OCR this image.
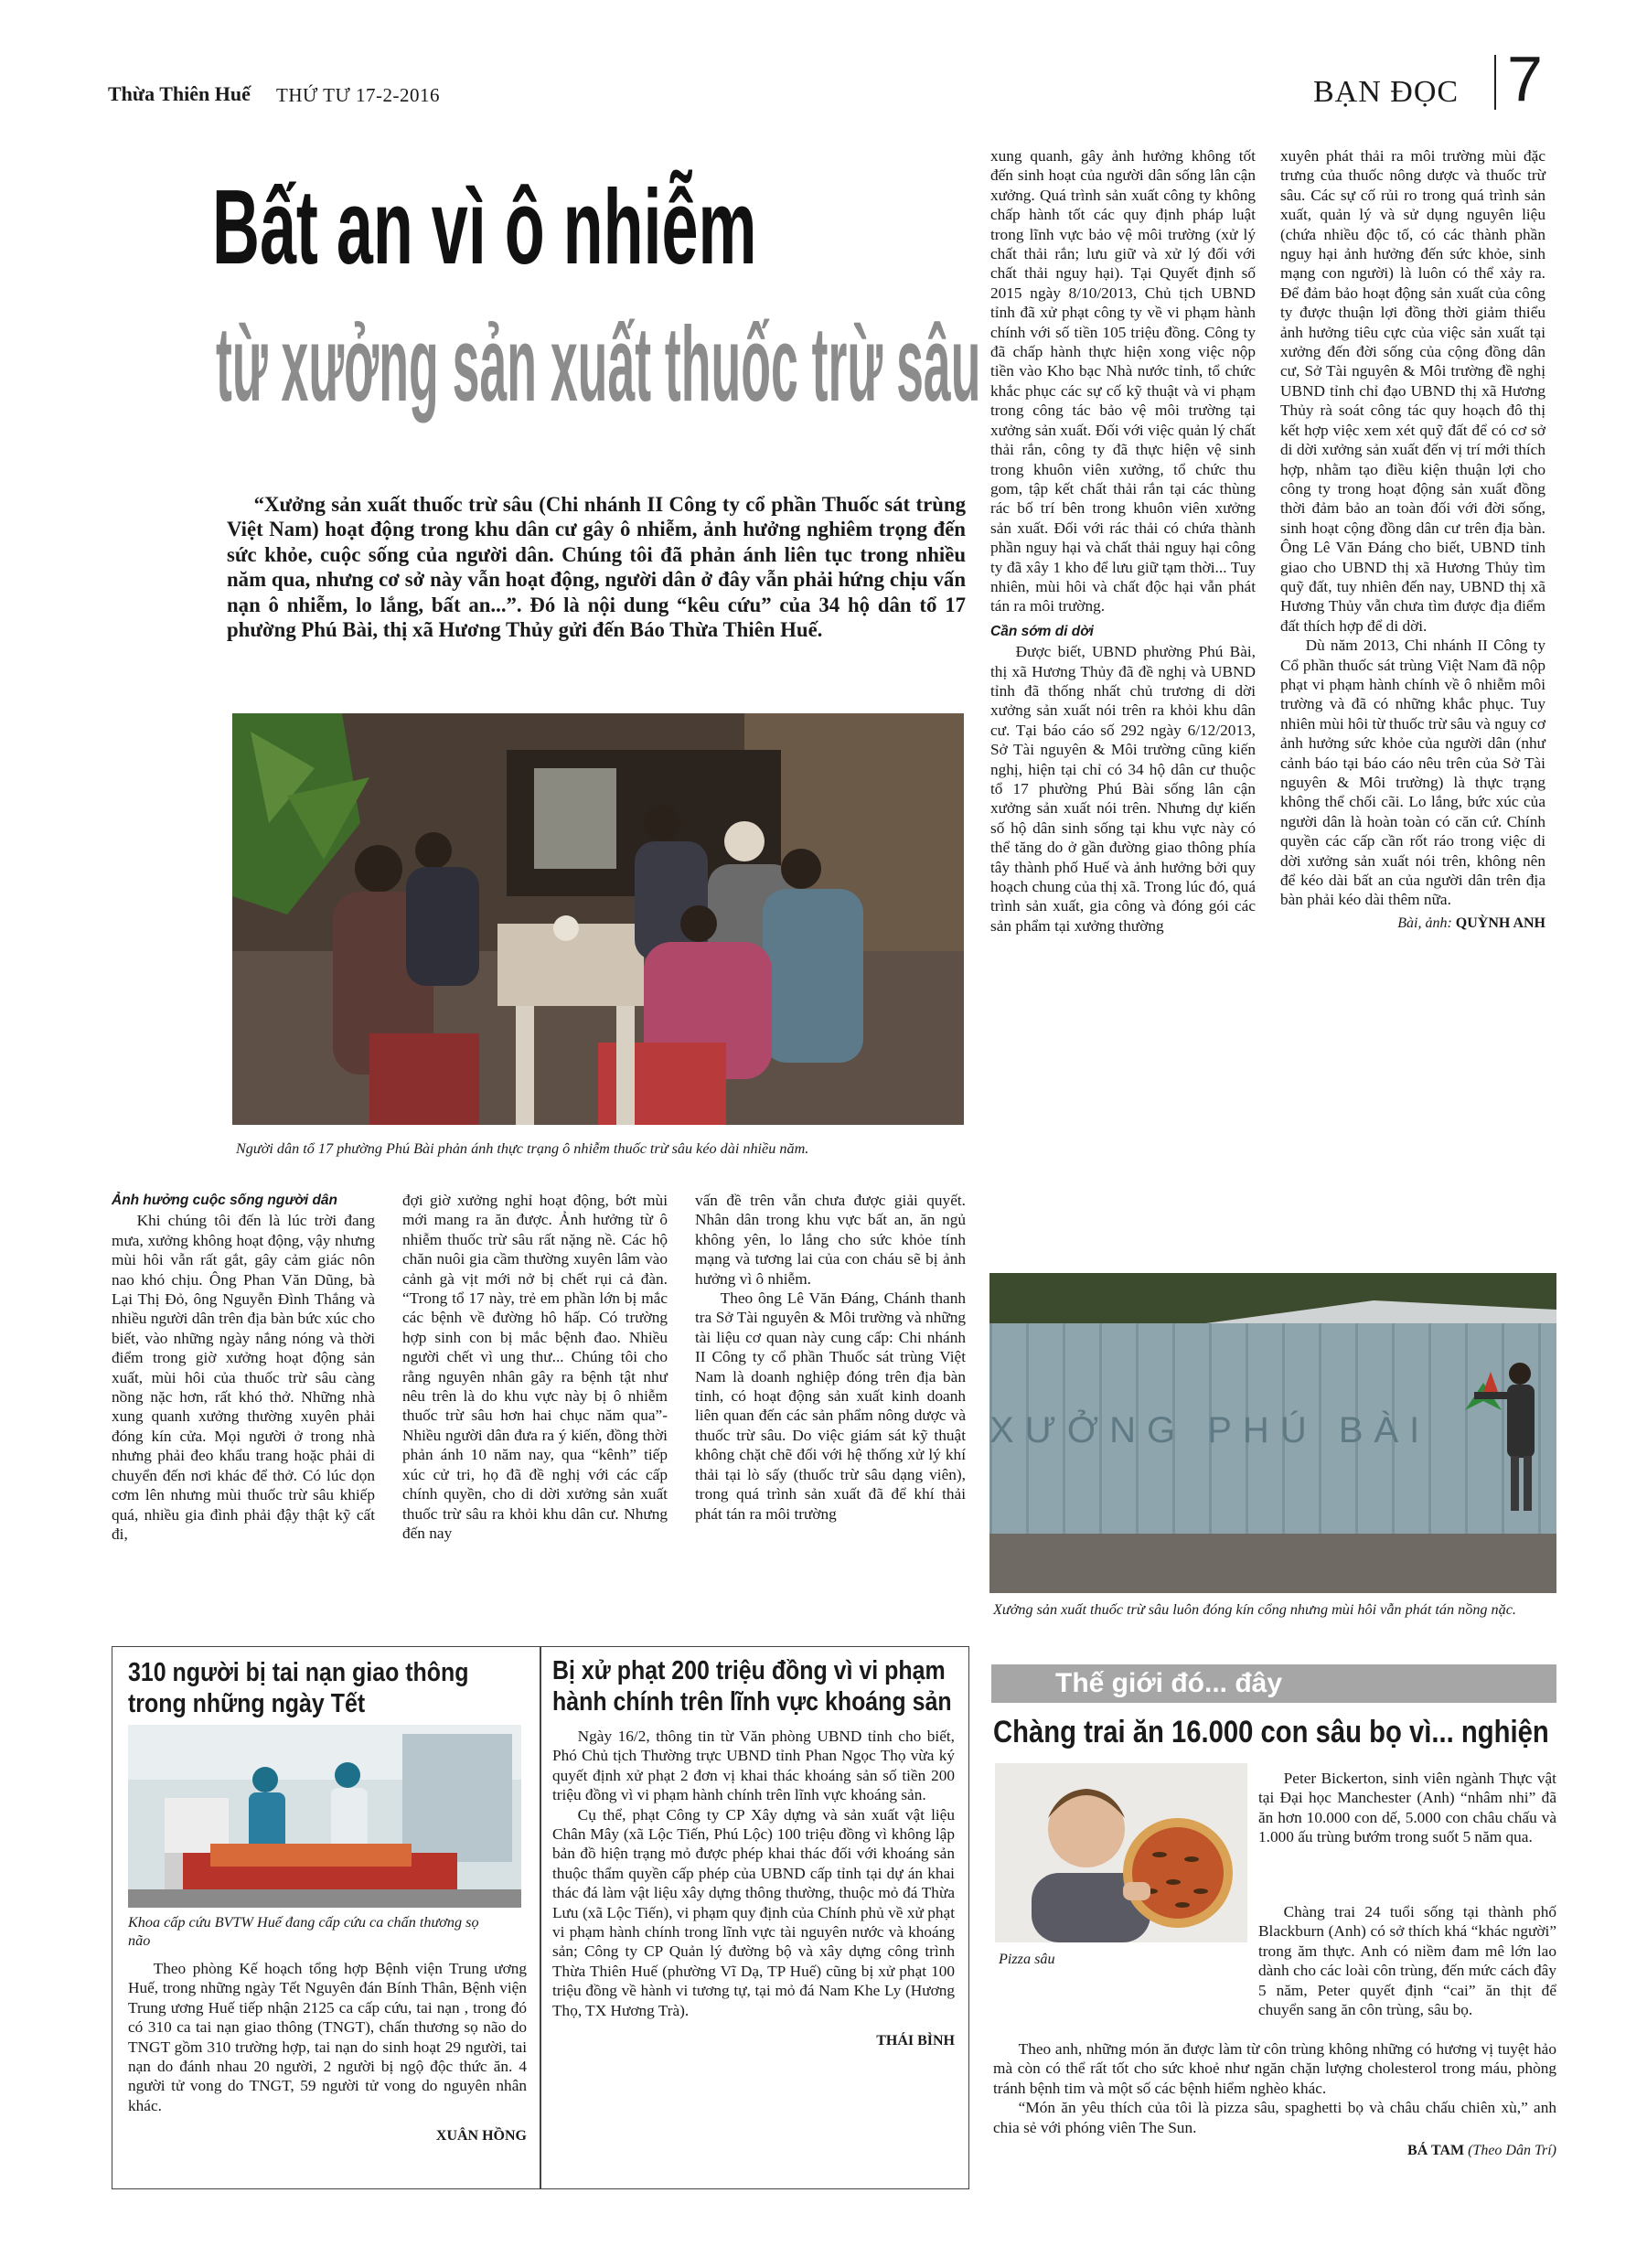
Thừa Thiên Huế THỨ TƯ 17-2-2016	BẠN ĐỌC 7
Bất an vì ô nhiễm
từ xưởng sản xuất thuốc trừ sâu
“Xưởng sản xuất thuốc trừ sâu (Chi nhánh II Công ty cổ phần Thuốc sát trùng Việt Nam) hoạt động trong khu dân cư gây ô nhiễm, ảnh hưởng nghiêm trọng đến sức khỏe, cuộc sống của người dân. Chúng tôi đã phản ánh liên tục trong nhiều năm qua, nhưng cơ sở này vẫn hoạt động, người dân ở đây vẫn phải hứng chịu vấn nạn ô nhiễm, lo lắng, bất an...”. Đó là nội dung “kêu cứu” của 34 hộ dân tổ 17 phường Phú Bài, thị xã Hương Thủy gửi đến Báo Thừa Thiên Huế.
Người dân tổ 17 phường Phú Bài phản ánh thực trạng ô nhiễm thuốc trừ sâu kéo dài nhiều năm.
Ảnh hưởng cuộc sống người dân

Khi chúng tôi đến là lúc trời đang mưa, xưởng không hoạt động, vậy nhưng mùi hôi vẫn rất gắt, gây cảm giác nôn nao khó chịu. Ông Phan Văn Dũng, bà Lại Thị Đỏ, ông Nguyễn Đình Thắng và nhiều người dân trên địa bàn bức xúc cho biết, vào những ngày nắng nóng và thời điểm trong giờ xưởng hoạt động sản xuất, mùi hôi của thuốc trừ sâu càng nồng nặc hơn, rất khó thở. Những nhà xung quanh xưởng thường xuyên phải đóng kín cửa. Mọi người ở trong nhà nhưng phải đeo khẩu trang hoặc phải di chuyển đến nơi khác để thở. Có lúc dọn cơm lên nhưng mùi thuốc trừ sâu khiếp quá, nhiều gia đình phải đậy thật kỹ cất đi,

đợi giờ xưởng nghỉ hoạt động, bớt mùi mới mang ra ăn được. Ảnh hưởng từ ô nhiễm thuốc trừ sâu rất nặng nề. Các hộ chăn nuôi gia cầm thường xuyên lâm vào cảnh gà vịt mới nở bị chết rụi cả đàn. “Trong tổ 17 này, trẻ em phần lớn bị mắc các bệnh về đường hô hấp. Có trường hợp sinh con bị mắc bệnh đao. Nhiều người chết vì ung thư... Chúng tôi cho rằng nguyên nhân gây ra bệnh tật như nêu trên là do khu vực này bị ô nhiễm thuốc trừ sâu hơn hai chục năm qua”- Nhiều người dân đưa ra ý kiến, đồng thời phản ánh 10 năm nay, qua “kênh” tiếp xúc cử tri, họ đã đề nghị với các cấp chính quyền, cho di dời xưởng sản xuất thuốc trừ sâu ra khỏi khu dân cư. Nhưng đến nay

vấn đề trên vẫn chưa được giải quyết. Nhân dân trong khu vực bất an, ăn ngủ không yên, lo lắng cho sức khỏe tính mạng và tương lai của con cháu sẽ bị ảnh hưởng vì ô nhiễm.

Theo ông Lê Văn Đáng, Chánh thanh tra Sở Tài nguyên & Môi trường và những tài liệu cơ quan này cung cấp: Chi nhánh II Công ty cổ phần Thuốc sát trùng Việt Nam là doanh nghiệp đóng trên địa bàn tỉnh, có hoạt động sản xuất kinh doanh liên quan đến các sản phẩm nông dược và thuốc trừ sâu. Do việc giám sát kỹ thuật không chặt chẽ đối với hệ thống xử lý khí thải tại lò sấy (thuốc trừ sâu dạng viên), trong quá trình sản xuất đã để khí thải phát tán ra môi trường

xung quanh, gây ảnh hưởng không tốt đến sinh hoạt của người dân sống lân cận xưởng. Quá trình sản xuất công ty không chấp hành tốt các quy định pháp luật trong lĩnh vực bảo vệ môi trường (xử lý chất thải rắn; lưu giữ và xử lý đối với chất thải nguy hại). Tại Quyết định số 2015 ngày 8/10/2013, Chủ tịch UBND tỉnh đã xử phạt công ty về vi phạm hành chính với số tiền 105 triệu đồng. Công ty đã chấp hành thực hiện xong việc nộp tiền vào Kho bạc Nhà nước tỉnh, tổ chức khắc phục các sự cố kỹ thuật và vi phạm trong công tác bảo vệ môi trường tại xưởng sản xuất. Đối với việc quản lý chất thải rắn, công ty đã thực hiện vệ sinh trong khuôn viên xưởng, tổ chức thu gom, tập kết chất thải rắn tại các thùng rác bố trí bên trong khuôn viên xưởng sản xuất. Đối với rác thải có chứa thành phần nguy hại và chất thải nguy hại công ty đã xây 1 kho để lưu giữ tạm thời... Tuy nhiên, mùi hôi và chất độc hại vẫn phát tán ra môi trường.

Cần sớm di dời

Được biết, UBND phường Phú Bài, thị xã Hương Thủy đã đề nghị và UBND tỉnh đã thống nhất chủ trương di dời xưởng sản xuất nói trên ra khỏi khu dân cư. Tại báo cáo số 292 ngày 6/12/2013, Sở Tài nguyên & Môi trường cũng kiến nghị, hiện tại chỉ có 34 hộ dân cư thuộc tổ 17 phường Phú Bài sống lân cận xưởng sản xuất nói trên. Nhưng dự kiến số hộ dân sinh sống tại khu vực này có thể tăng do ở gần đường giao thông phía tây thành phố Huế và ảnh hưởng bởi quy hoạch chung của thị xã. Trong lúc đó, quá trình sản xuất, gia công và đóng gói các sản phẩm tại xưởng thường

xuyên phát thải ra môi trường mùi đặc trưng của thuốc nông dược và thuốc trừ sâu. Các sự cố rủi ro trong quá trình sản xuất, quản lý và sử dụng nguyên liệu (chứa nhiều độc tố, có các thành phần nguy hại ảnh hưởng đến sức khỏe, sinh mạng con người) là luôn có thể xảy ra. Để đảm bảo hoạt động sản xuất của công ty được thuận lợi đồng thời giảm thiểu ảnh hưởng tiêu cực của việc sản xuất tại xưởng đến đời sống của cộng đồng dân cư, Sở Tài nguyên & Môi trường đề nghị UBND tỉnh chỉ đạo UBND thị xã Hương Thủy rà soát công tác quy hoạch đô thị kết hợp việc xem xét quỹ đất để có cơ sở di dời xưởng sản xuất đến vị trí mới thích hợp, nhằm tạo điều kiện thuận lợi cho công ty trong hoạt động sản xuất đồng thời đảm bảo an toàn đối với đời sống, sinh hoạt cộng đồng dân cư trên địa bàn. Ông Lê Văn Đáng cho biết, UBND tỉnh giao cho UBND thị xã Hương Thủy tìm quỹ đất, tuy nhiên đến nay, UBND thị xã Hương Thủy vẫn chưa tìm được địa điểm đất thích hợp để di dời.

Dù năm 2013, Chi nhánh II Công ty Cổ phần thuốc sát trùng Việt Nam đã nộp phạt vi phạm hành chính về ô nhiễm môi trường và đã có những khắc phục. Tuy nhiên mùi hôi từ thuốc trừ sâu và nguy cơ ảnh hưởng sức khỏe của người dân (như cảnh báo tại báo cáo nêu trên của Sở Tài nguyên & Môi trường) là thực trạng không thể chối cãi. Lo lắng, bức xúc của người dân là hoàn toàn có căn cứ. Chính quyền các cấp cần rốt ráo trong việc di dời xưởng sản xuất nói trên, không nên để kéo dài bất an của người dân trên địa bàn phải kéo dài thêm nữa.

Bài, ảnh: QUỲNH ANH
XƯỞNG PHÚ BÀI
Xưởng sản xuất thuốc trừ sâu luôn đóng kín cổng nhưng mùi hôi vẫn phát tán nồng nặc.
310 người bị tai nạn giao thông trong những ngày Tết
Khoa cấp cứu BVTW Huế đang cấp cứu ca chấn thương sọ não

Theo phòng Kế hoạch tổng hợp Bệnh viện Trung ương Huế, trong những ngày Tết Nguyên đán Bính Thân, Bệnh viện Trung ương Huế tiếp nhận 2125 ca cấp cứu, tai nạn , trong đó có 310 ca tai nạn giao thông (TNGT), chấn thương sọ não do TNGT gồm 310 trường hợp, tai nạn do sinh hoạt 29 người, tai nạn do đánh nhau 20 người, 2 người bị ngộ độc thức ăn. 4 người tử vong do TNGT, 59 người tử vong do nguyên nhân khác.

XUÂN HỒNG
Bị xử phạt 200 triệu đồng vì vi phạm hành chính trên lĩnh vực khoáng sản

Ngày 16/2, thông tin từ Văn phòng UBND tỉnh cho biết, Phó Chủ tịch Thường trực UBND tỉnh Phan Ngọc Thọ vừa ký quyết định xử phạt 2 đơn vị khai thác khoáng sản số tiền 200 triệu đồng vì vi phạm hành chính trên lĩnh vực khoáng sản.

Cụ thể, phạt Công ty CP Xây dựng và sản xuất vật liệu Chân Mây (xã Lộc Tiến, Phú Lộc) 100 triệu đồng vì không lập bản đồ hiện trạng mỏ được phép khai thác đối với khoáng sản thuộc thẩm quyền cấp phép của UBND cấp tỉnh tại dự án khai thác đá làm vật liệu xây dựng thông thường, thuộc mỏ đá Thừa Lưu (xã Lộc Tiến), vi phạm quy định của Chính phủ về xử phạt vi phạm hành chính trong lĩnh vực tài nguyên nước và khoáng sản; Công ty CP Quản lý đường bộ và xây dựng công trình Thừa Thiên Huế (phường Vĩ Dạ, TP Huế) cũng bị xử phạt 100 triệu đồng về hành vi tương tự, tại mỏ đá Nam Khe Ly (Hương Thọ, TX Hương Trà).

THÁI BÌNH
Thế giới đó... đây
Chàng trai ăn 16.000 con sâu bọ vì... nghiện
Pizza sâu

Peter Bickerton, sinh viên ngành Thực vật tại Đại học Manchester (Anh) “nhâm nhi” đã ăn hơn 10.000 con dế, 5.000 con châu chấu và 1.000 ấu trùng bướm trong suốt 5 năm qua.

Chàng trai 24 tuổi sống tại thành phố Blackburn (Anh) có sở thích khá “khác người” trong ăm thực. Anh có niềm đam mê lớn lao dành cho các loài côn trùng, đến mức cách đây 5 năm, Peter quyết định “cai” ăn thịt để chuyển sang ăn côn trùng, sâu bọ.

Theo anh, những món ăn được làm từ côn trùng không những có hương vị tuyệt hảo mà còn có thể rất tốt cho sức khoẻ như ngăn chặn lượng cholesterol trong máu, phòng tránh bệnh tim và một số các bệnh hiểm nghèo khác.

“Món ăn yêu thích của tôi là pizza sâu, spaghetti bọ và châu chấu chiên xù,” anh chia sẻ với phóng viên The Sun.

BÁ TAM (Theo Dân Trí)
